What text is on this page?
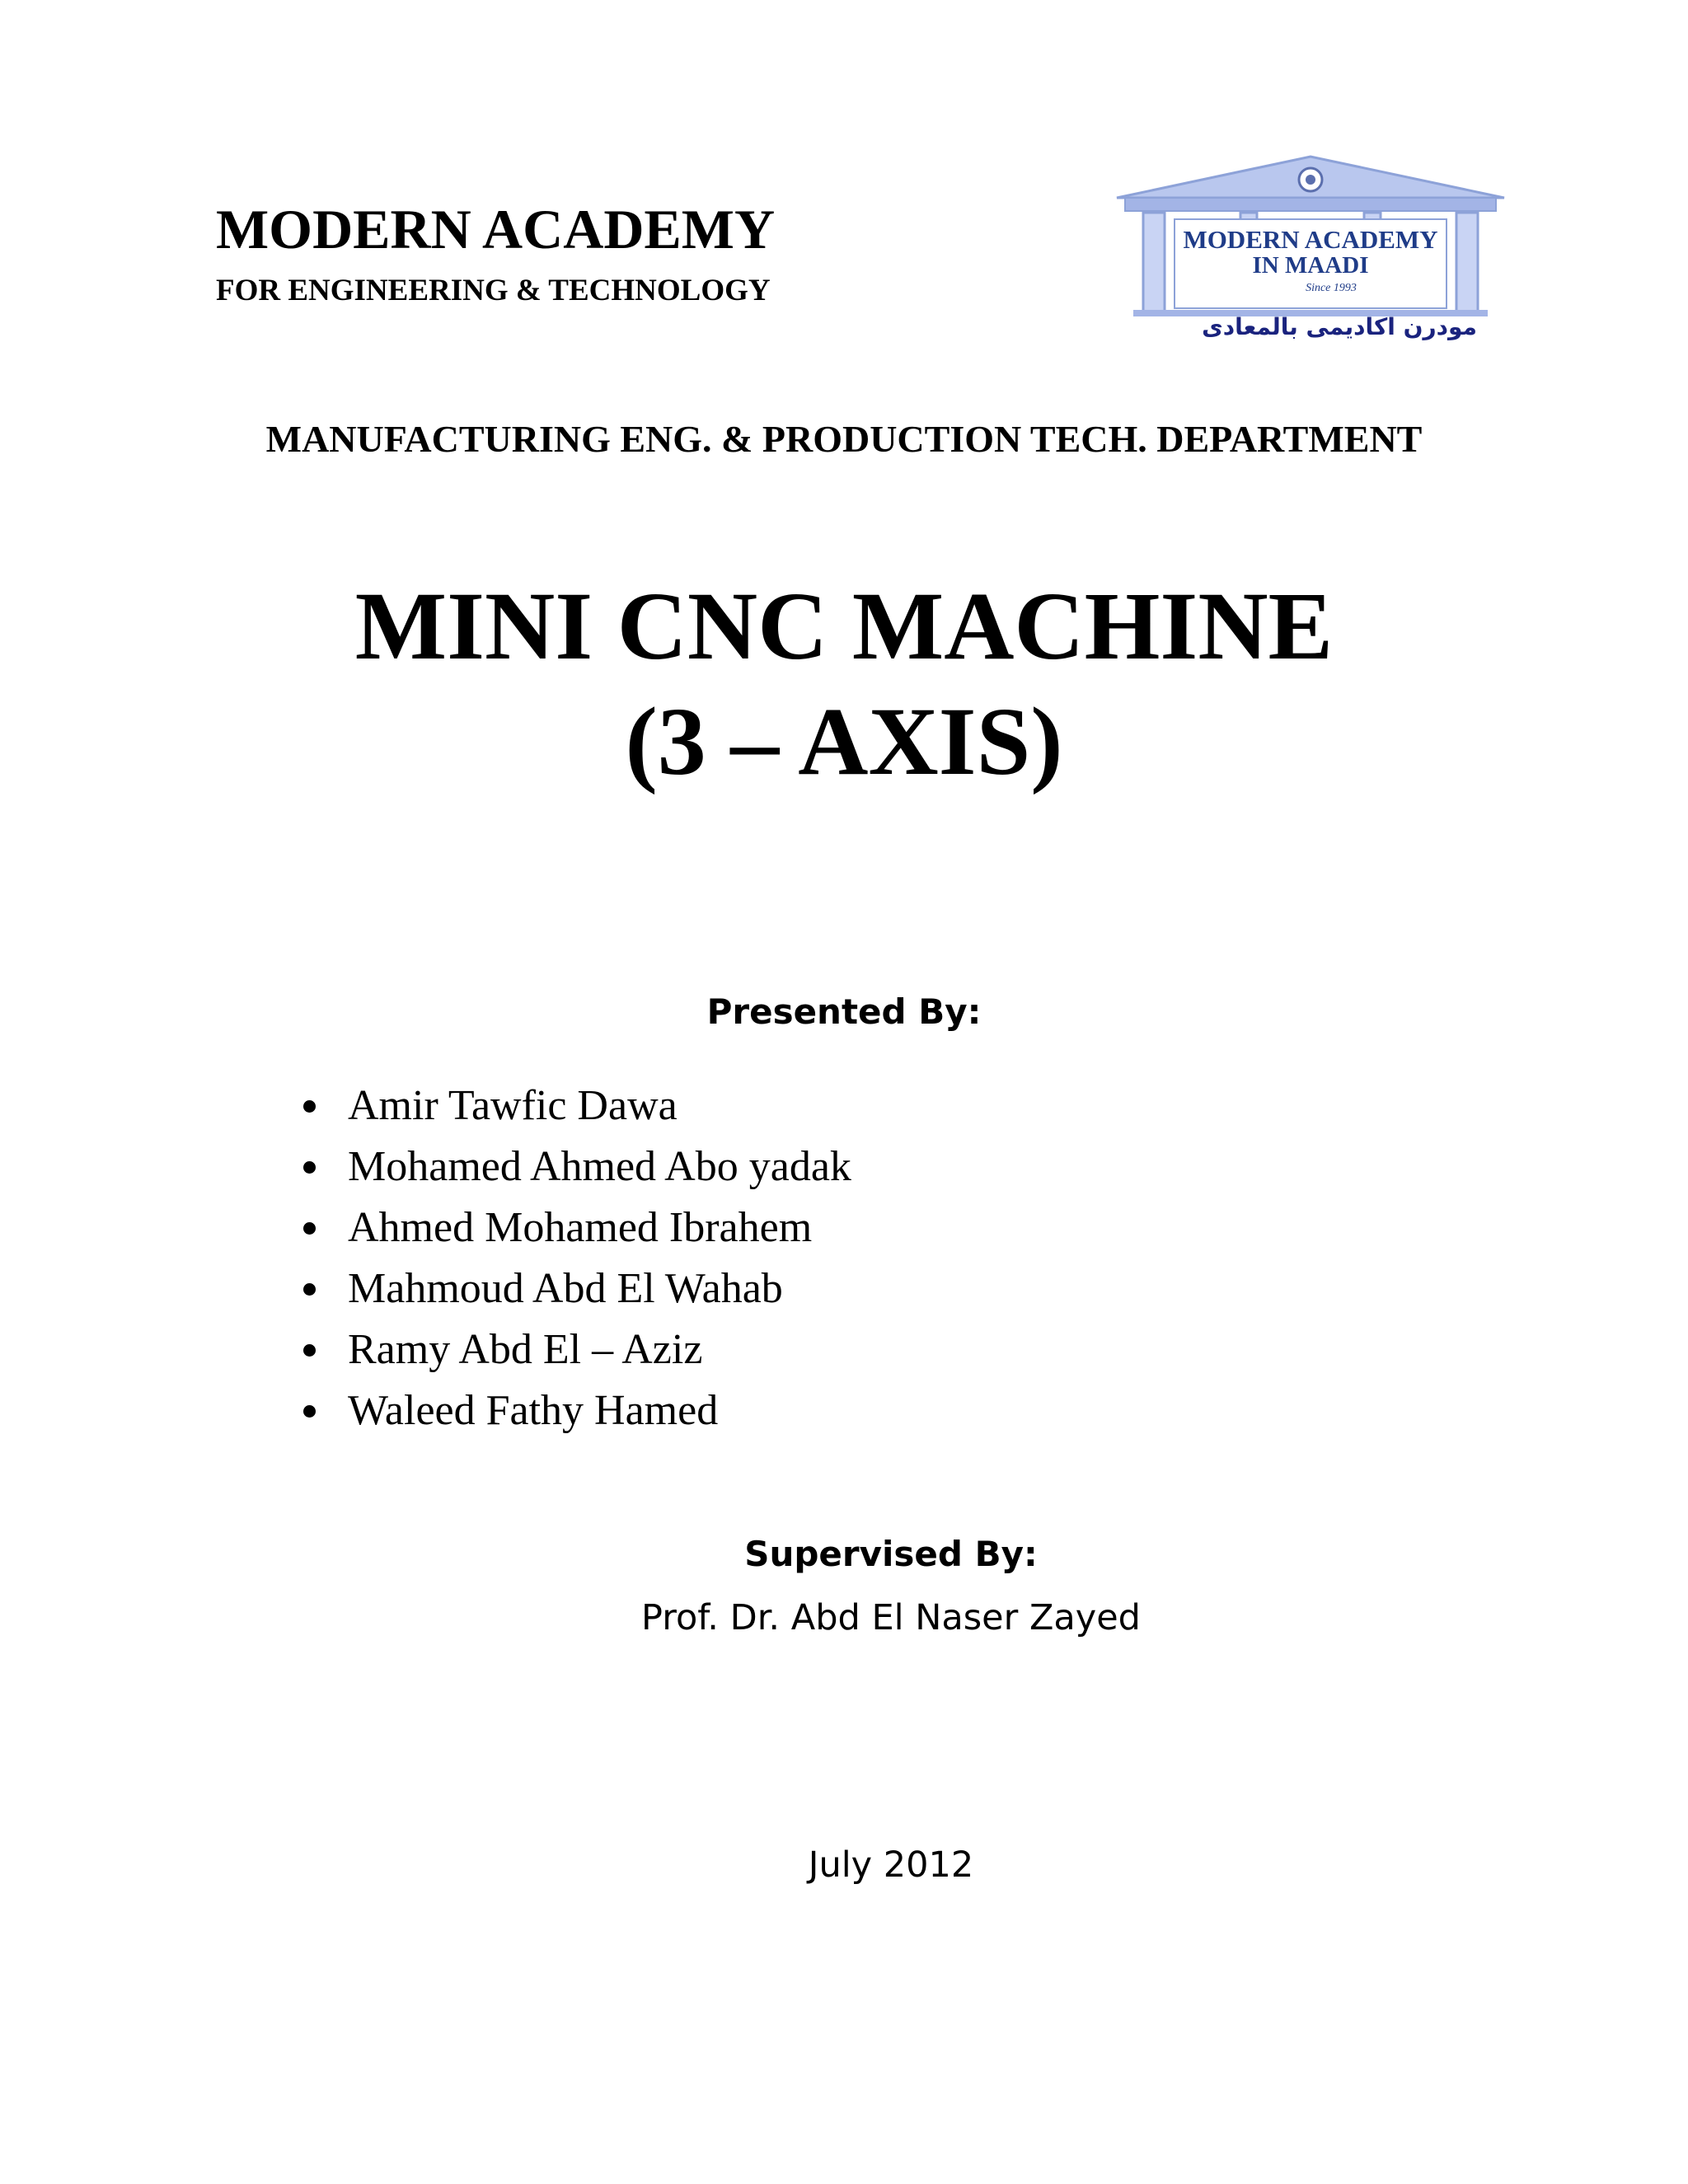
MODERN ACADEMY
FOR ENGINEERING & TECHNOLOGY
MODERN ACADEMY
IN MAADI
Since 1993
مودرن اكاديمى بالمعادى
MANUFACTURING ENG. & PRODUCTION TECH. DEPARTMENT
MINI CNC MACHINE
(3 – AXIS)
Presented By:
Amir Tawfic Dawa
Mohamed Ahmed Abo yadak
Ahmed Mohamed Ibrahem
Mahmoud Abd El Wahab
Ramy Abd El – Aziz
Waleed Fathy Hamed
Supervised By:
Prof. Dr. Abd El Naser Zayed
July 2012
